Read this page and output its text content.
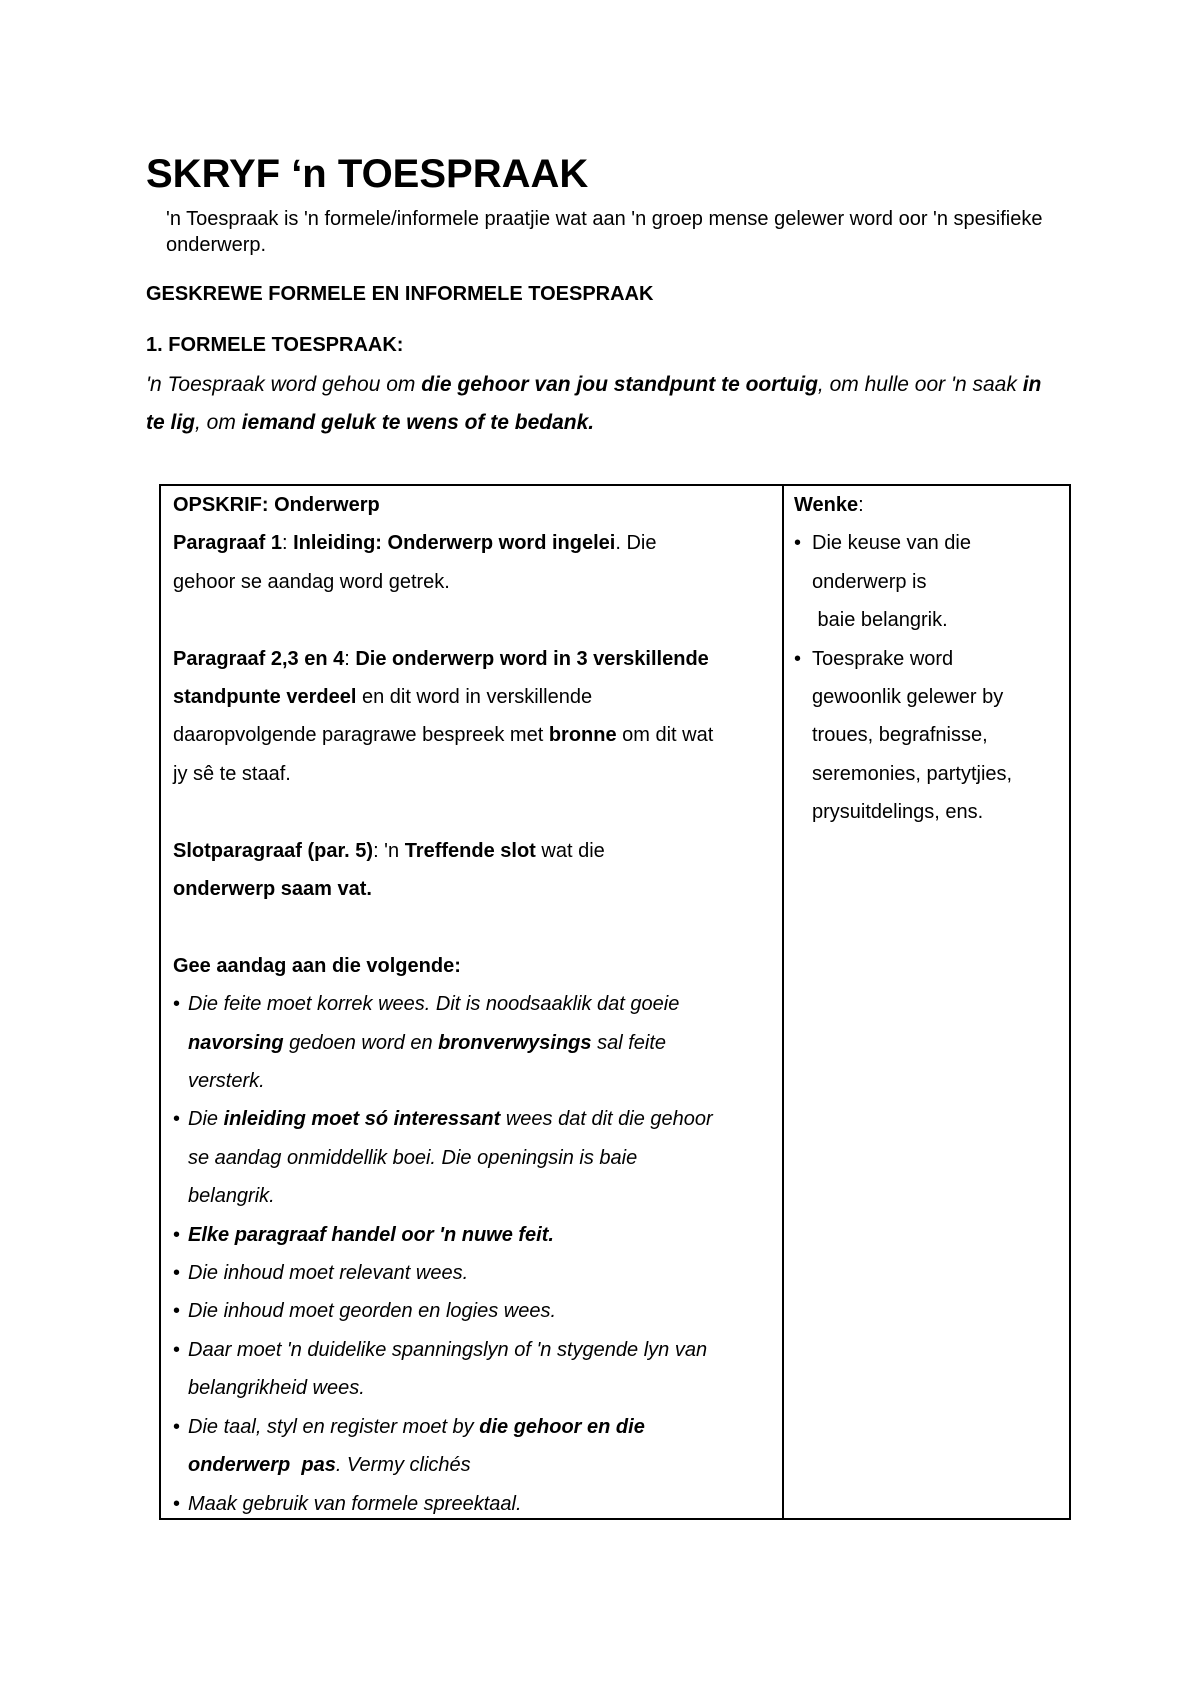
SKRYF ‘n TOESPRAAK

'n Toespraak is 'n formele/informele praatjie wat aan 'n groep mense gelewer word oor 'n spesifieke onderwerp.

GESKREWE FORMELE EN INFORMELE TOESPRAAK
1. FORMELE TOESPRAAK:

'n Toespraak word gehou om die gehoor van jou standpunt te oortuig, om hulle oor 'n saak in te lig, om iemand geluk te wens of te bedank.

OPSKRIF: Onderwerp
Paragraaf 1: Inleiding: Onderwerp word ingelei. Die
gehoor se aandag word getrek.
Paragraaf 2,3 en 4: Die onderwerp word in 3 verskillende
standpunte verdeel en dit word in verskillende
daaropvolgende paragrawe bespreek met bronne om dit wat
jy sê te staaf.
Slotparagraaf (par. 5): 'n Treffende slot wat die
onderwerp saam vat.
Gee aandag aan die volgende:
• Die feite moet korrek wees. Dit is noodsaaklik dat goeie
navorsing gedoen word en bronverwysings sal feite
versterk.
• Die inleiding moet só interessant wees dat dit die gehoor
se aandag onmiddellik boei. Die openingsin is baie
belangrik.
• Elke paragraaf handel oor 'n nuwe feit.
• Die inhoud moet relevant wees.
• Die inhoud moet georden en logies wees.
• Daar moet 'n duidelike spanningslyn of 'n stygende lyn van
belangrikheid wees.
• Die taal, styl en register moet by die gehoor en die
onderwerp  pas. Vermy clichés
• Maak gebruik van formele spreektaal.
Wenke:
• Die keuse van die
onderwerp is
baie belangrik.
• Toesprake word
gewoonlik gelewer by
troues, begrafnisse,
seremonies, partytjies,
prysuitdelings, ens.
